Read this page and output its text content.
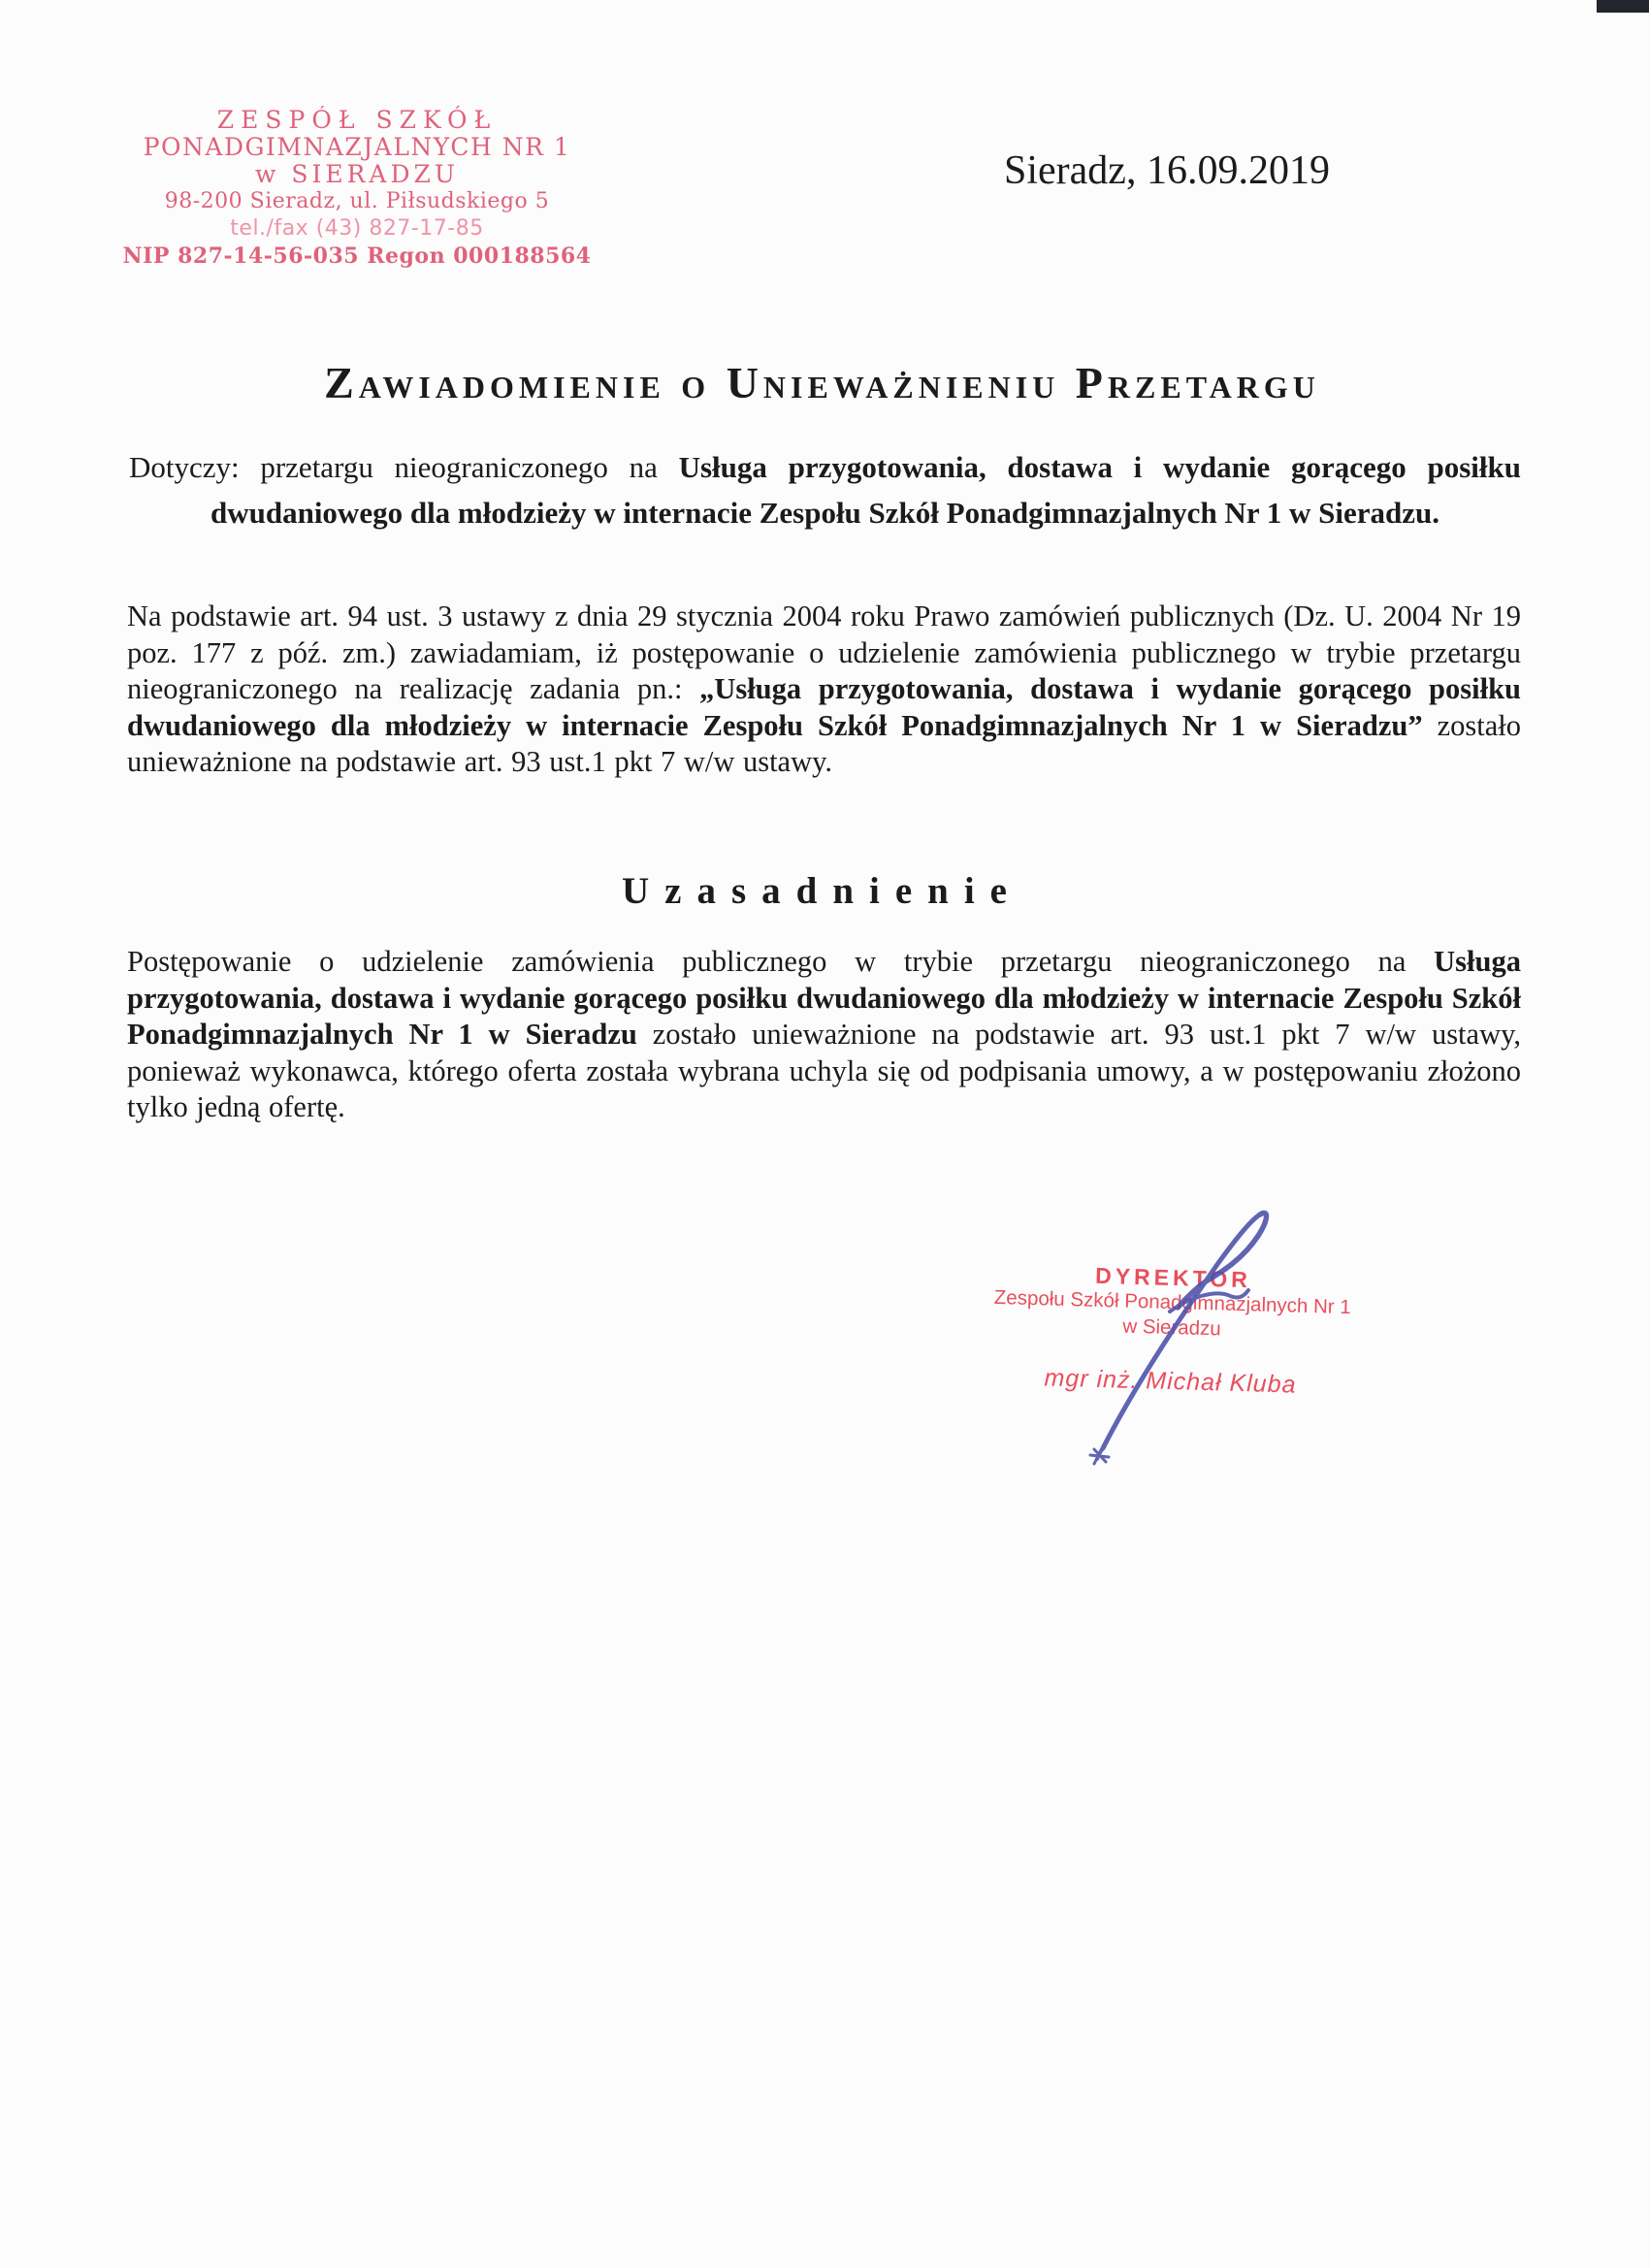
ZESPÓŁ SZKÓŁ
PONADGIMNAZJALNYCH NR 1
w SIERADZU
98-200 Sieradz, ul. Piłsudskiego 5
tel./fax (43) 827-17-85
NIP 827-14-56-035 Regon 000188564
Sieradz, 16.09.2019
Zawiadomienie o Unieważnieniu Przetargu
Dotyczy: przetargu nieograniczonego na Usługa przygotowania, dostawa i wydanie gorącego posiłku dwudaniowego dla młodzieży w internacie Zespołu Szkół Ponadgimnazjalnych Nr 1 w Sieradzu.
Na podstawie art. 94 ust. 3 ustawy z dnia 29 stycznia 2004 roku Prawo zamówień publicznych (Dz. U. 2004 Nr 19 poz. 177 z póź. zm.) zawiadamiam, iż postępowanie o udzielenie zamówienia publicznego w trybie przetargu nieograniczonego na realizację zadania pn.: „Usługa przygotowania, dostawa i wydanie gorącego posiłku dwudaniowego dla młodzieży w internacie Zespołu Szkół Ponadgimnazjalnych Nr 1 w Sieradzu” zostało unieważnione na podstawie art. 93 ust.1 pkt 7 w/w ustawy.
Uzasadnienie
Postępowanie o udzielenie zamówienia publicznego w trybie przetargu nieograniczonego na Usługa przygotowania, dostawa i wydanie gorącego posiłku dwudaniowego dla młodzieży w internacie Zespołu Szkół Ponadgimnazjalnych Nr 1 w Sieradzu zostało unieważnione na podstawie art. 93 ust.1 pkt 7 w/w ustawy, ponieważ wykonawca, którego oferta została wybrana uchyla się od podpisania umowy, a w postępowaniu złożono tylko jedną ofertę.
DYREKTOR
Zespołu Szkół Ponadgimnazjalnych Nr 1
w Sieradzu
mgr inż. Michał Kluba
